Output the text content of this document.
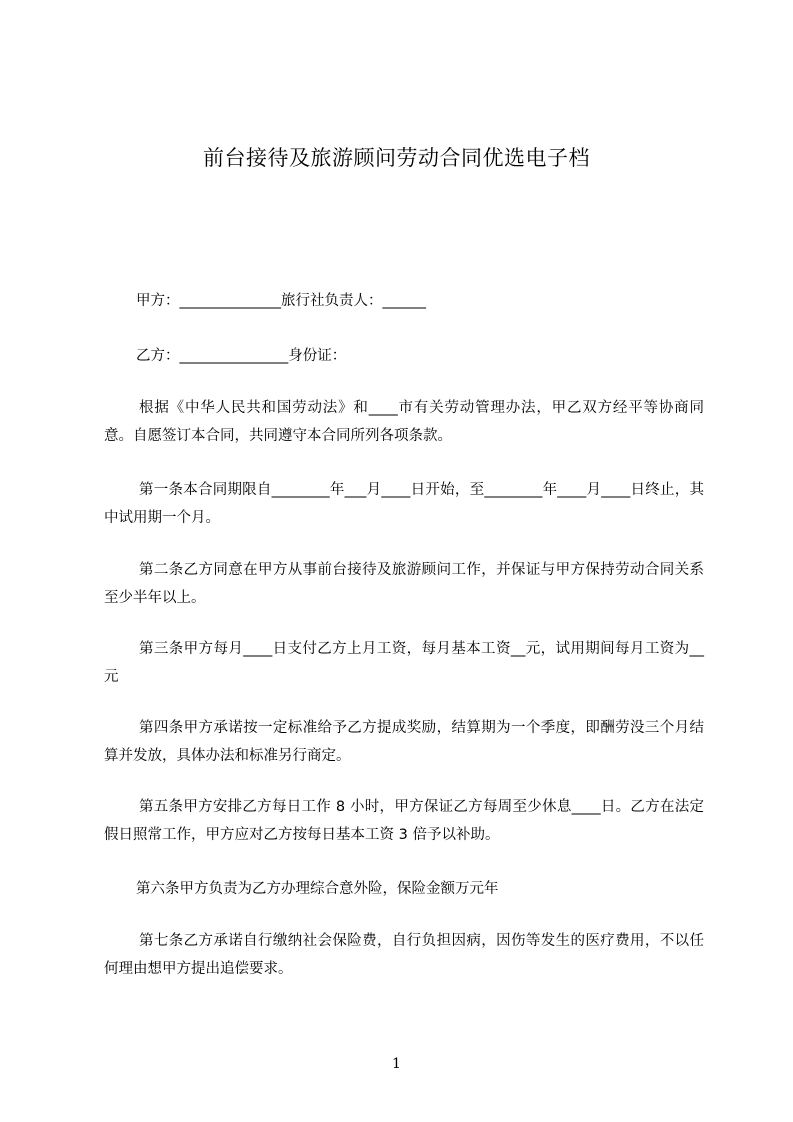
前台接待及旅游顾问劳动合同优选电子档

甲方：______________旅行社负责人：______

乙方：_______________身份证：

根据《中华人民共和国劳动法》和____市有关劳动管理办法，甲乙双方经平等协商同意。自愿签订本合同，共同遵守本合同所列各项条款。

第一条本合同期限自________年___月____日开始，至________年____月____日终止，其中试用期一个月。

第二条乙方同意在甲方从事前台接待及旅游顾问工作，并保证与甲方保持劳动合同关系至少半年以上。

第三条甲方每月____日支付乙方上月工资，每月基本工资__元，试用期间每月工资为__元

第四条甲方承诺按一定标准给予乙方提成奖励，结算期为一个季度，即酬劳没三个月结算并发放，具体办法和标准另行商定。

第五条甲方安排乙方每日工作 8 小时，甲方保证乙方每周至少休息____日。乙方在法定假日照常工作，甲方应对乙方按每日基本工资 3 倍予以补助。

第六条甲方负责为乙方办理综合意外险，保险金额万元年

第七条乙方承诺自行缴纳社会保险费，自行负担因病，因伤等发生的医疗费用，不以任何理由想甲方提出追偿要求。

1
